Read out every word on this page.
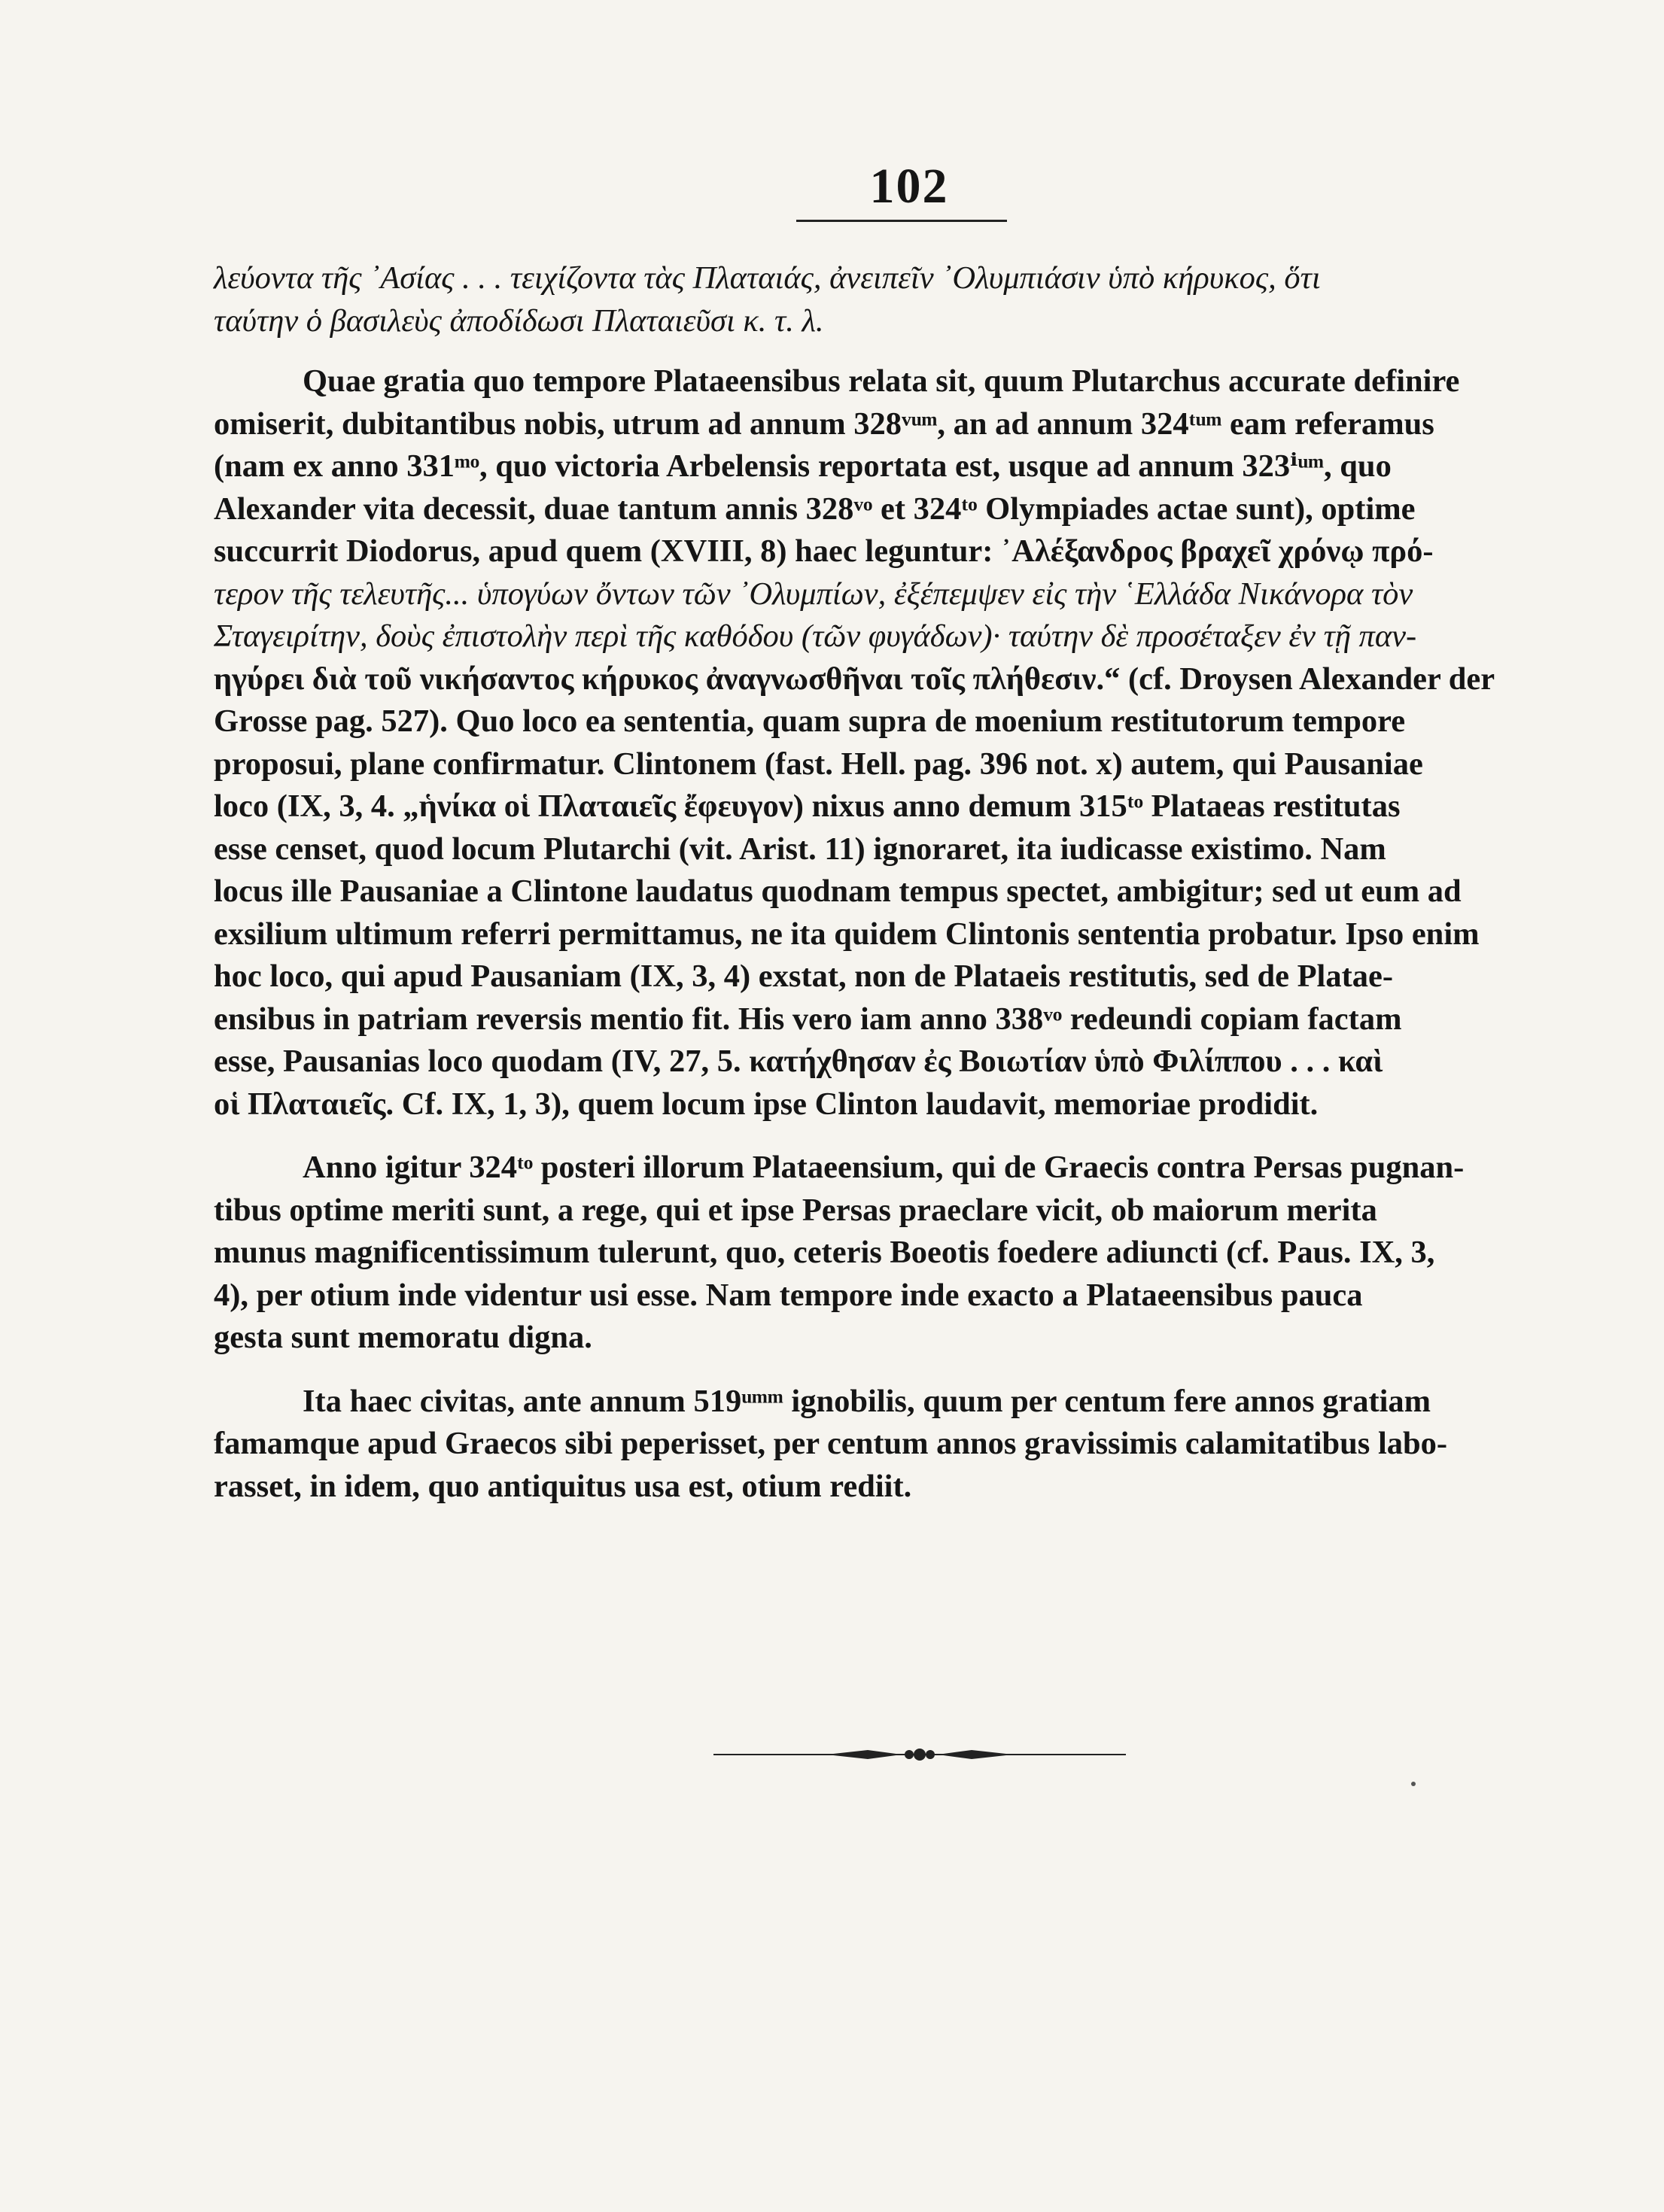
102

λεύοντα τῆς ᾿Ασίας . . . τειχίζοντα τὰς Πλαταιάς, ἀνειπεῖν ᾿Ολυμπιάσιν ὑπὸ κήρυκος, ὅτι
ταύτην ὁ βασιλεὺς ἀποδίδωσι Πλαταιεῦσι κ. τ. λ.

Quae gratia quo tempore Plataeensibus relata sit, quum Plutarchus accurate definire
omiserit, dubitantibus nobis, utrum ad annum 328ᵛᵘᵐ, an ad annum 324ᵗᵘᵐ eam referamus
(nam ex anno 331ᵐᵒ, quo victoria Arbelensis reportata est, usque ad annum 323ⁱᵘᵐ, quo
Alexander vita decessit, duae tantum annis 328ᵛᵒ et 324ᵗᵒ Olympiades actae sunt), optime
succurrit Diodorus, apud quem (XVIII, 8) haec leguntur: ᾿Αλέξανδρος βραχεῖ χρόνῳ πρό-
τερον τῆς τελευτῆς... ὑπογύων ὄντων τῶν ᾿Ολυμπίων, ἐξέπεμψεν εἰς τὴν ῾Ελλάδα Νικάνορα τὸν
Σταγειρίτην, δοὺς ἐπιστολὴν περὶ τῆς καθόδου (τῶν φυγάδων)· ταύτην δὲ προσέταξεν ἐν τῇ παν-
ηγύρει διὰ τοῦ νικήσαντος κήρυκος ἀναγνωσθῆναι τοῖς πλήθεσιν.“ (cf. Droysen Alexander der
Grosse pag. 527). Quo loco ea sententia, quam supra de moenium restitutorum tempore
proposui, plane confirmatur. Clintonem (fast. Hell. pag. 396 not. x) autem, qui Pausaniae
loco (IX, 3, 4. „ἡνίκα οἱ Πλαταιεῖς ἔφευγον) nixus anno demum 315ᵗᵒ Plataeas restitutas
esse censet, quod locum Plutarchi (vit. Arist. 11) ignoraret, ita iudicasse existimo. Nam
locus ille Pausaniae a Clintone laudatus quodnam tempus spectet, ambigitur; sed ut eum ad
exsilium ultimum referri permittamus, ne ita quidem Clintonis sententia probatur. Ipso enim
hoc loco, qui apud Pausaniam (IX, 3, 4) exstat, non de Plataeis restitutis, sed de Platae-
ensibus in patriam reversis mentio fit. His vero iam anno 338ᵛᵒ redeundi copiam factam
esse, Pausanias loco quodam (IV, 27, 5. κατήχθησαν ἐς Βοιωτίαν ὑπὸ Φιλίππου . . . καὶ
οἱ Πλαταιεῖς. Cf. IX, 1, 3), quem locum ipse Clinton laudavit, memoriae prodidit.

Anno igitur 324ᵗᵒ posteri illorum Plataeensium, qui de Graecis contra Persas pugnan-
tibus optime meriti sunt, a rege, qui et ipse Persas praeclare vicit, ob maiorum merita
munus magnificentissimum tulerunt, quo, ceteris Boeotis foedere adiuncti (cf. Paus. IX, 3,
4), per otium inde videntur usi esse. Nam tempore inde exacto a Plataeensibus pauca
gesta sunt memoratu digna.

Ita haec civitas, ante annum 519ᵘᵐᵐ ignobilis, quum per centum fere annos gratiam
famamque apud Graecos sibi peperisset, per centum annos gravissimis calamitatibus labo-
rasset, in idem, quo antiquitus usa est, otium rediit.
